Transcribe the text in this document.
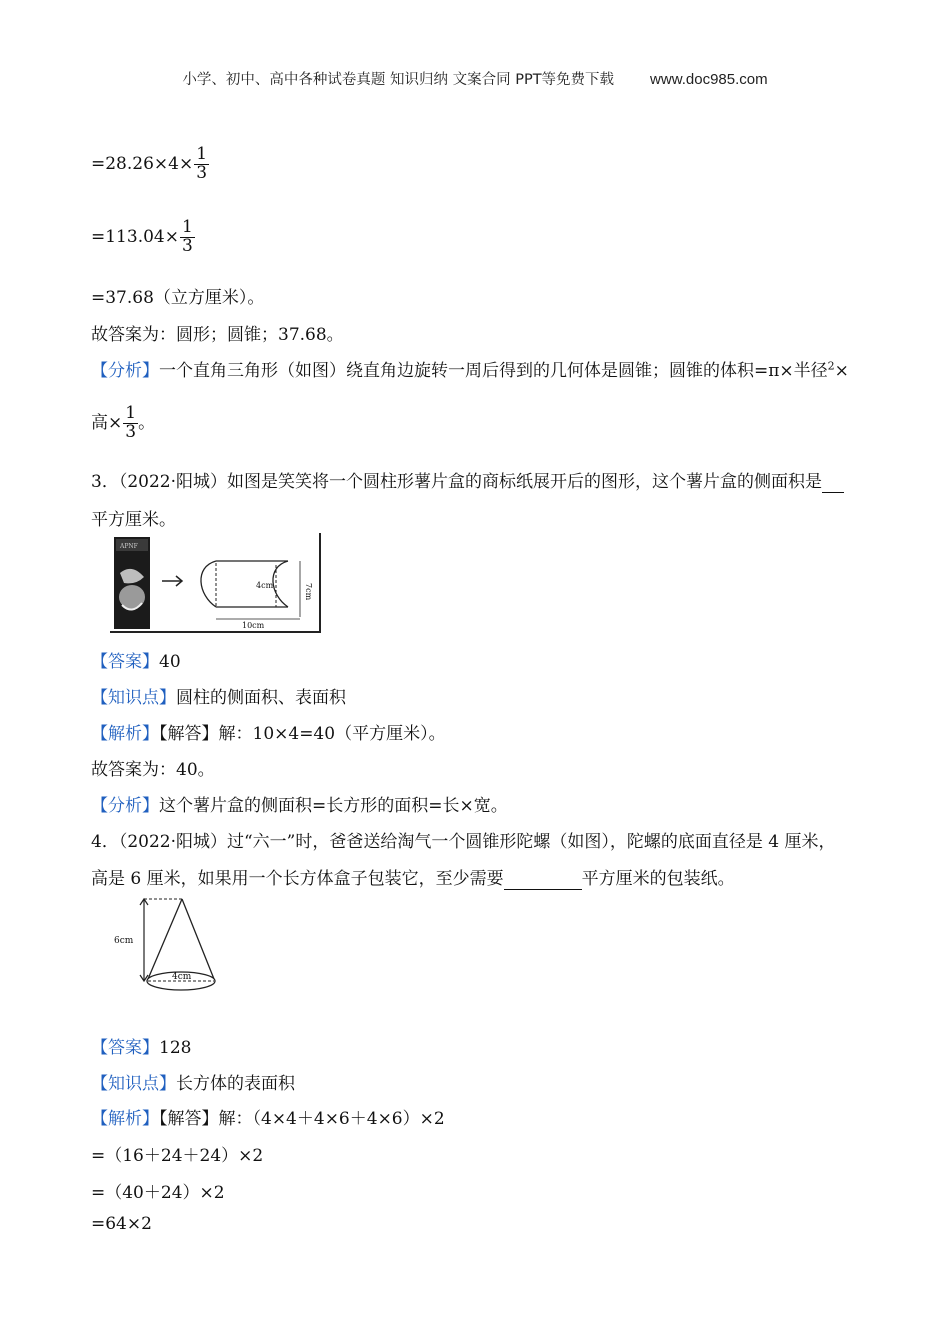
小学、初中、高中各种试卷真题 知识归纳 文案合同 PPT等免费下载 www.doc985.com
$=28.26\times 4\times \frac{1}{3}$
$=113.04\times \frac{1}{3}$
=37.68（立方厘米）。
故答案为：圆形；圆锥；37.68。
【分析】一个直角三角形（如图）绕直角边旋转一周后得到的几何体是圆锥；圆锥的体积=π×半径$^2$×
高× $\frac{1}{3}$ 。
3．（2022·阳城）如图是笑笑将一个圆柱形薯片盒的商标纸展开后的图形，这个薯片盒的侧面积是
平方厘米。
APNF
4cm	7cm
10cm
【答案】40
【知识点】圆柱的侧面积、表面积
【解析】【解答】解：10×4=40（平方厘米）。
故答案为：40。
【分析】这个薯片盒的侧面积=长方形的面积=长×宽。
4．（2022·阳城）过“六一”时，爸爸送给淘气一个圆锥形陀螺（如图），陀螺的底面直径是 4 厘米，
高是 6 厘米，如果用一个长方体盒子包装它，至少需要	平方厘米的包装纸。
6cm
4cm
【答案】128
【知识点】长方体的表面积
【解析】【解答】解：（4×4＋4×6＋4×6）×2
=（16＋24＋24）×2
=（40＋24）×2
=64×2
